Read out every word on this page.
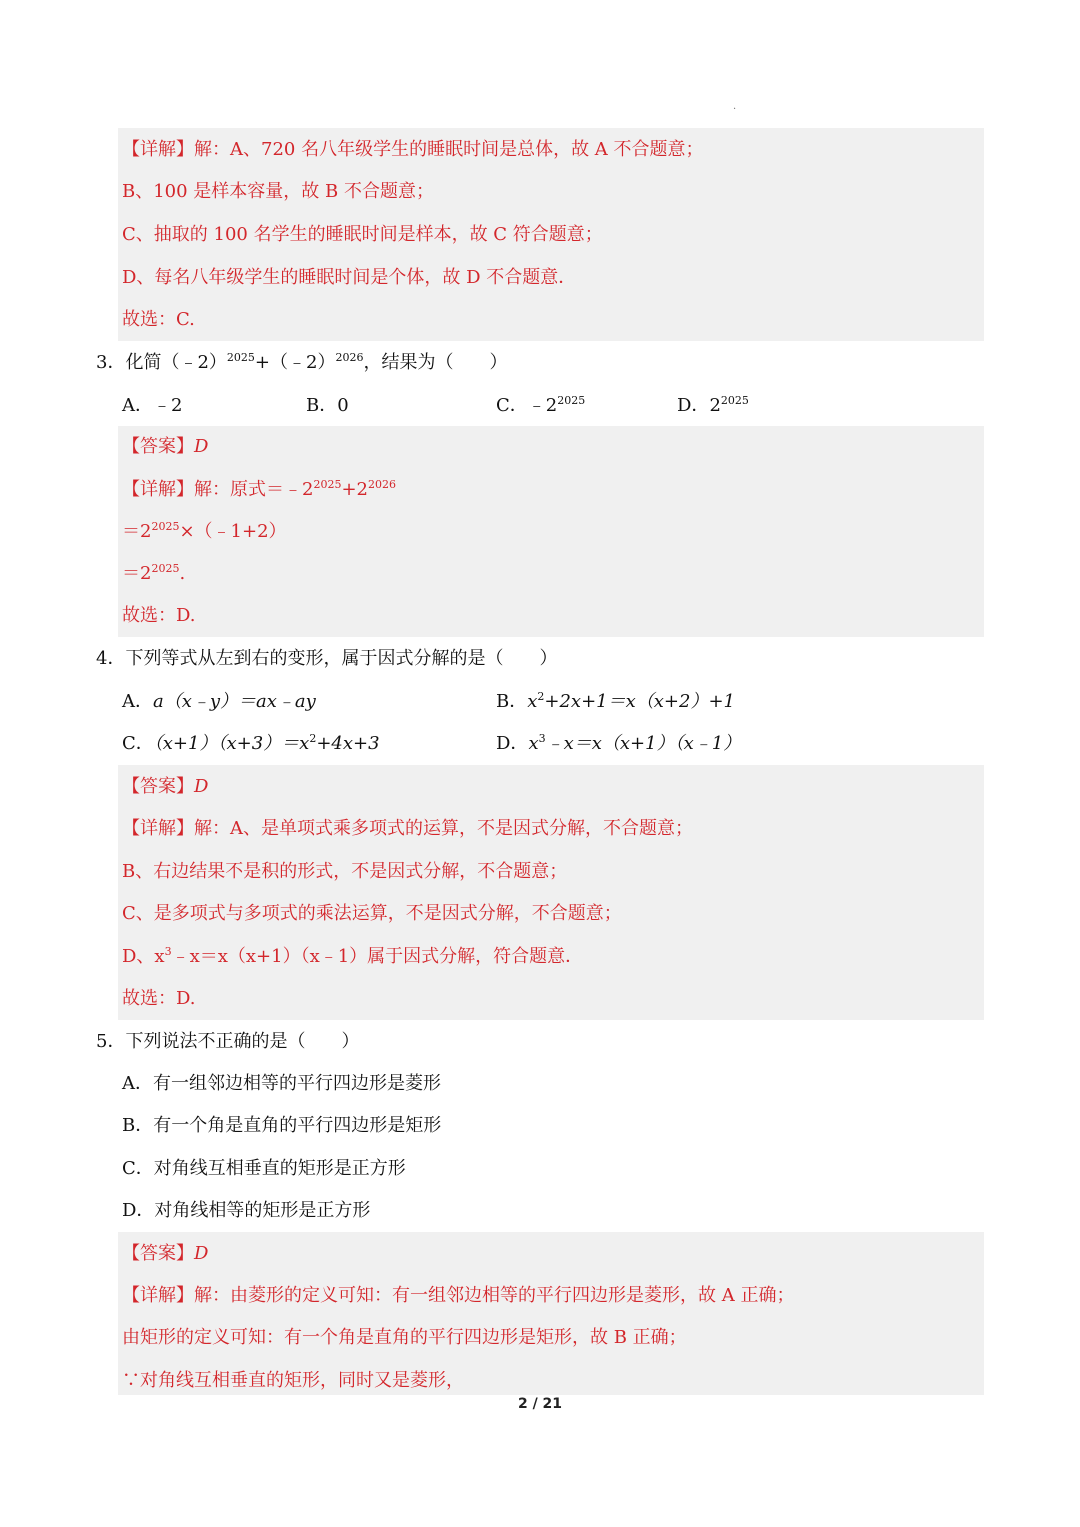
·
【详解】解：A、720 名八年级学生的睡眠时间是总体，故 A 不合题意；
B、100 是样本容量，故 B 不合题意；
C、抽取的 100 名学生的睡眠时间是样本，故 C 符合题意；
D、每名八年级学生的睡眠时间是个体，故 D 不合题意．
故选：C.
3．化简（﹣2）$^{2025}$+（﹣2）$^{2026}$，结果为（　　）
A．﹣2	B．0	C．$﹣2^{2025}$	D．$2^{2025}$
【答案】D
【详解】解：原式$=﹣2^{2025}+2^{2026}$
$=2^{2025}\times(﹣1+2)$
$=2^{2025}$.
故选：D.
4．下列等式从左到右的变形，属于因式分解的是（　　）
A．a（x﹣y）＝ax﹣ay	B．$x^2+2x+1=x(x+2)+1$
C．$(x+1)(x+3)=x^2+4x+3$	D．$x^3﹣x=x(x+1)(x﹣1)$
【答案】D
【详解】解：A、是单项式乘多项式的运算，不是因式分解，不合题意；
B、右边结果不是积的形式，不是因式分解，不合题意；
C、是多项式与多项式的乘法运算，不是因式分解，不合题意；
D、$x^3﹣x=x(x+1)(x﹣1)$属于因式分解，符合题意．
故选：D.
5．下列说法不正确的是（　　）
A．有一组邻边相等的平行四边形是菱形
B．有一个角是直角的平行四边形是矩形
C．对角线互相垂直的矩形是正方形
D．对角线相等的矩形是正方形
【答案】D
【详解】解：由菱形的定义可知：有一组邻边相等的平行四边形是菱形，故 A 正确；
由矩形的定义可知：有一个角是直角的平行四边形是矩形，故 B 正确；
∵对角线互相垂直的矩形，同时又是菱形，
2 / 21
